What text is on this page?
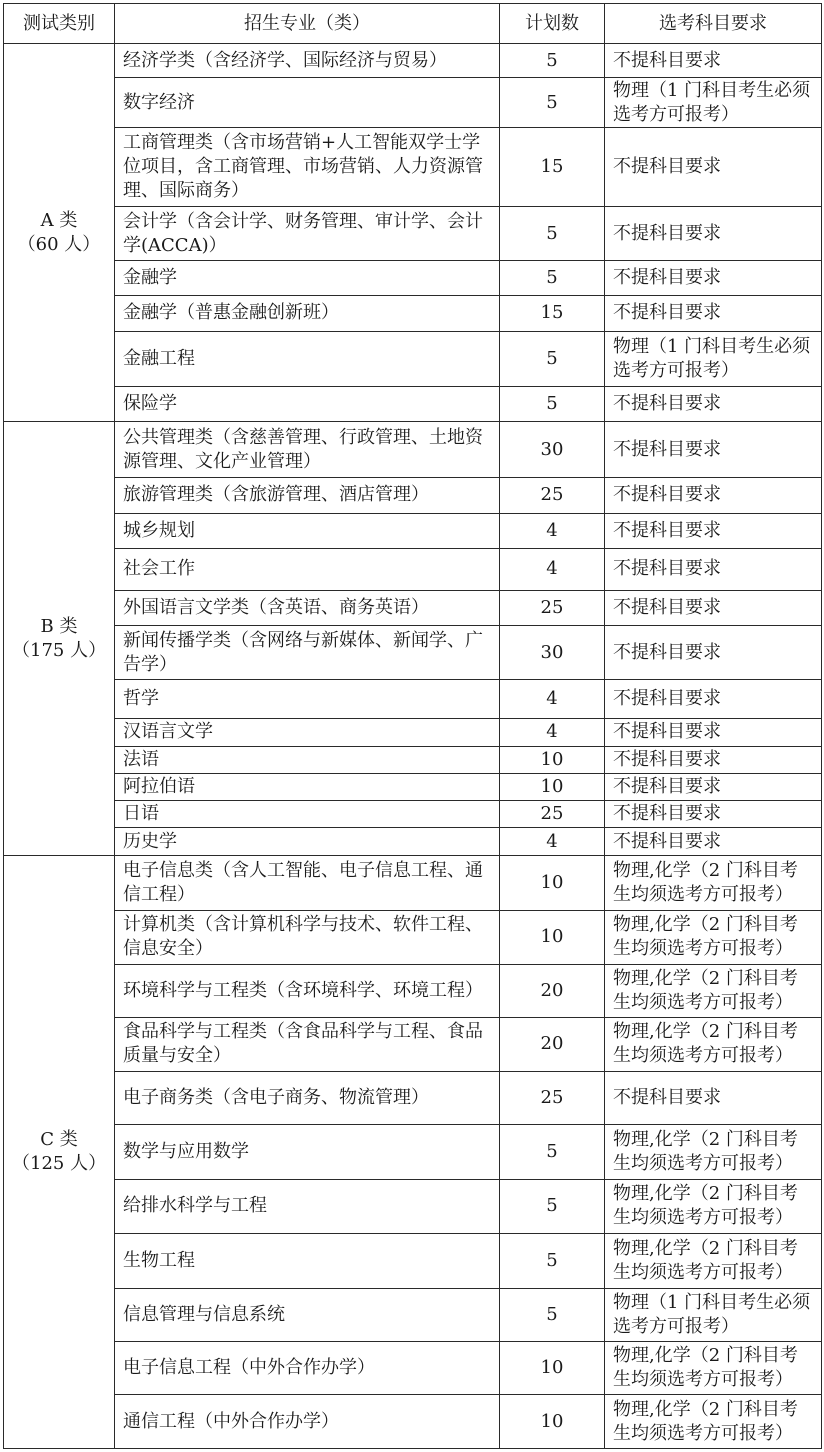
测试类别	招生专业（类）	计划数	选考科目要求

A 类
（60 人）	经济学类（含经济学、国际经济与贸易）	5	不提科目要求
	数字经济	5	物理（1 门科目考生必须选考方可报考）
	工商管理类（含市场营销+人工智能双学士学位项目，含工商管理、市场营销、人力资源管理、国际商务）	15	不提科目要求
	会计学（含会计学、财务管理、审计学、会计学(ACCA)）	5	不提科目要求
	金融学	5	不提科目要求
	金融学（普惠金融创新班）	15	不提科目要求
	金融工程	5	物理（1 门科目考生必须选考方可报考）
	保险学	5	不提科目要求

B 类
（175 人）	公共管理类（含慈善管理、行政管理、土地资源管理、文化产业管理）	30	不提科目要求
	旅游管理类（含旅游管理、酒店管理）	25	不提科目要求
	城乡规划	4	不提科目要求
	社会工作	4	不提科目要求
	外国语言文学类（含英语、商务英语）	25	不提科目要求
	新闻传播学类（含网络与新媒体、新闻学、广告学）	30	不提科目要求
	哲学	4	不提科目要求
	汉语言文学	4	不提科目要求
	法语	10	不提科目要求
	阿拉伯语	10	不提科目要求
	日语	25	不提科目要求
	历史学	4	不提科目要求

C 类
（125 人）	电子信息类（含人工智能、电子信息工程、通信工程）	10	物理,化学（2 门科目考生均须选考方可报考）
	计算机类（含计算机科学与技术、软件工程、信息安全）	10	物理,化学（2 门科目考生均须选考方可报考）
	环境科学与工程类（含环境科学、环境工程）	20	物理,化学（2 门科目考生均须选考方可报考）
	食品科学与工程类（含食品科学与工程、食品质量与安全）	20	物理,化学（2 门科目考生均须选考方可报考）
	电子商务类（含电子商务、物流管理）	25	不提科目要求
	数学与应用数学	5	物理,化学（2 门科目考生均须选考方可报考）
	给排水科学与工程	5	物理,化学（2 门科目考生均须选考方可报考）
	生物工程	5	物理,化学（2 门科目考生均须选考方可报考）
	信息管理与信息系统	5	物理（1 门科目考生必须选考方可报考）
	电子信息工程（中外合作办学）	10	物理,化学（2 门科目考生均须选考方可报考）
	通信工程（中外合作办学）	10	物理,化学（2 门科目考生均须选考方可报考）
